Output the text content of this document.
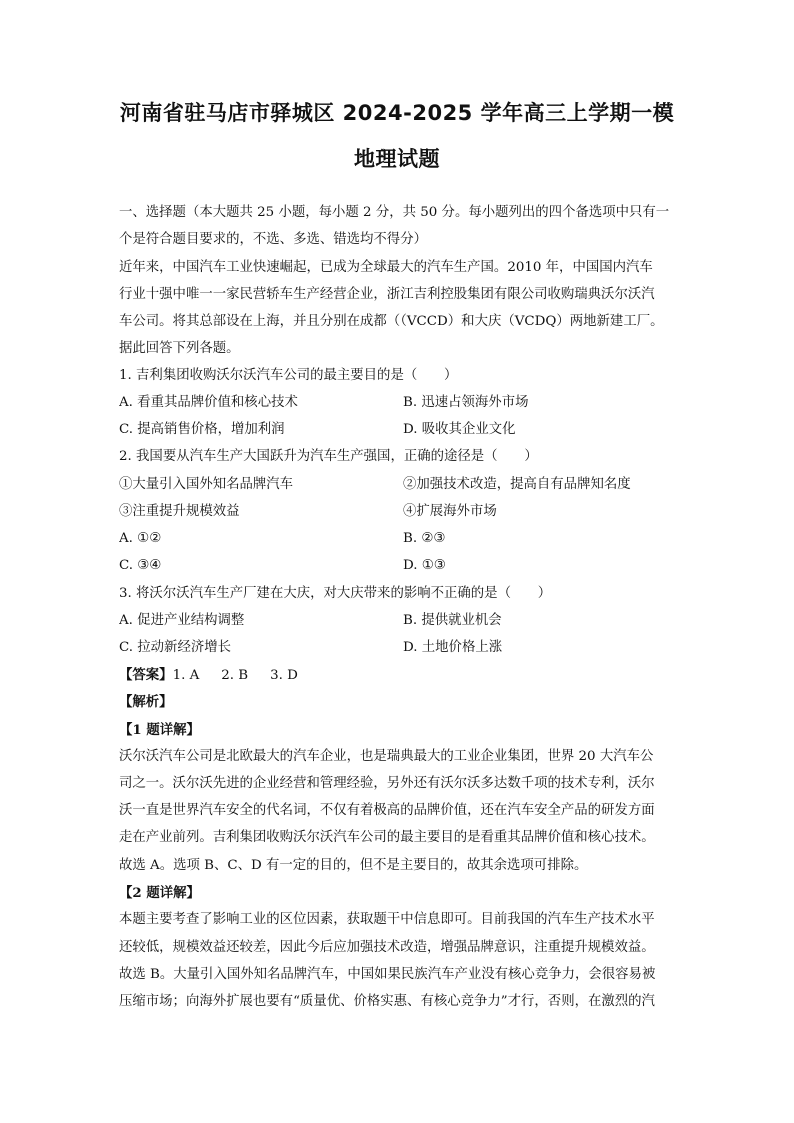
河南省驻马店市驿城区 2024-2025 学年高三上学期一模
地理试题
一、选择题（本大题共 25 小题，每小题 2 分，共 50 分。每小题列出的四个备选项中只有一
个是符合题目要求的，不选、多选、错选均不得分）
近年来，中国汽车工业快速崛起，已成为全球最大的汽车生产国。2010 年，中国国内汽车
行业十强中唯一一家民营轿车生产经营企业，浙江吉利控股集团有限公司收购瑞典沃尔沃汽
车公司。将其总部设在上海，并且分别在成都（（VCCD）和大庆（VCDQ）两地新建工厂。
据此回答下列各题。
1. 吉利集团收购沃尔沃汽车公司的最主要目的是（　　）
A. 看重其品牌价值和核心技术	B. 迅速占领海外市场
C. 提高销售价格，增加利润	D. 吸收其企业文化
2. 我国要从汽车生产大国跃升为汽车生产强国，正确的途径是（　　）
①大量引入国外知名品牌汽车	②加强技术改造，提高自有品牌知名度
③注重提升规模效益	④扩展海外市场
A. ①②	B. ②③
C. ③④	D. ①③
3. 将沃尔沃汽车生产厂建在大庆，对大庆带来的影响不正确的是（　　）
A. 促进产业结构调整	B. 提供就业机会
C. 拉动新经济增长	D. 土地价格上涨
【答案】1. A 2. B 3. D
【解析】
【1 题详解】
沃尔沃汽车公司是北欧最大的汽车企业，也是瑞典最大的工业企业集团，世界 20 大汽车公
司之一。沃尔沃先进的企业经营和管理经验，另外还有沃尔沃多达数千项的技术专利，沃尔
沃一直是世界汽车安全的代名词，不仅有着极高的品牌价值，还在汽车安全产品的研发方面
走在产业前列。吉利集团收购沃尔沃汽车公司的最主要目的是看重其品牌价值和核心技术。
故选 A。选项 B、C、D 有一定的目的，但不是主要目的，故其余选项可排除。
【2 题详解】
本题主要考查了影响工业的区位因素，获取题干中信息即可。目前我国的汽车生产技术水平
还较低，规模效益还较差，因此今后应加强技术改造，增强品牌意识，注重提升规模效益。
故选 B。大量引入国外知名品牌汽车，中国如果民族汽车产业没有核心竞争力，会很容易被
压缩市场；向海外扩展也要有“质量优、价格实惠、有核心竞争力”才行，否则，在激烈的汽
